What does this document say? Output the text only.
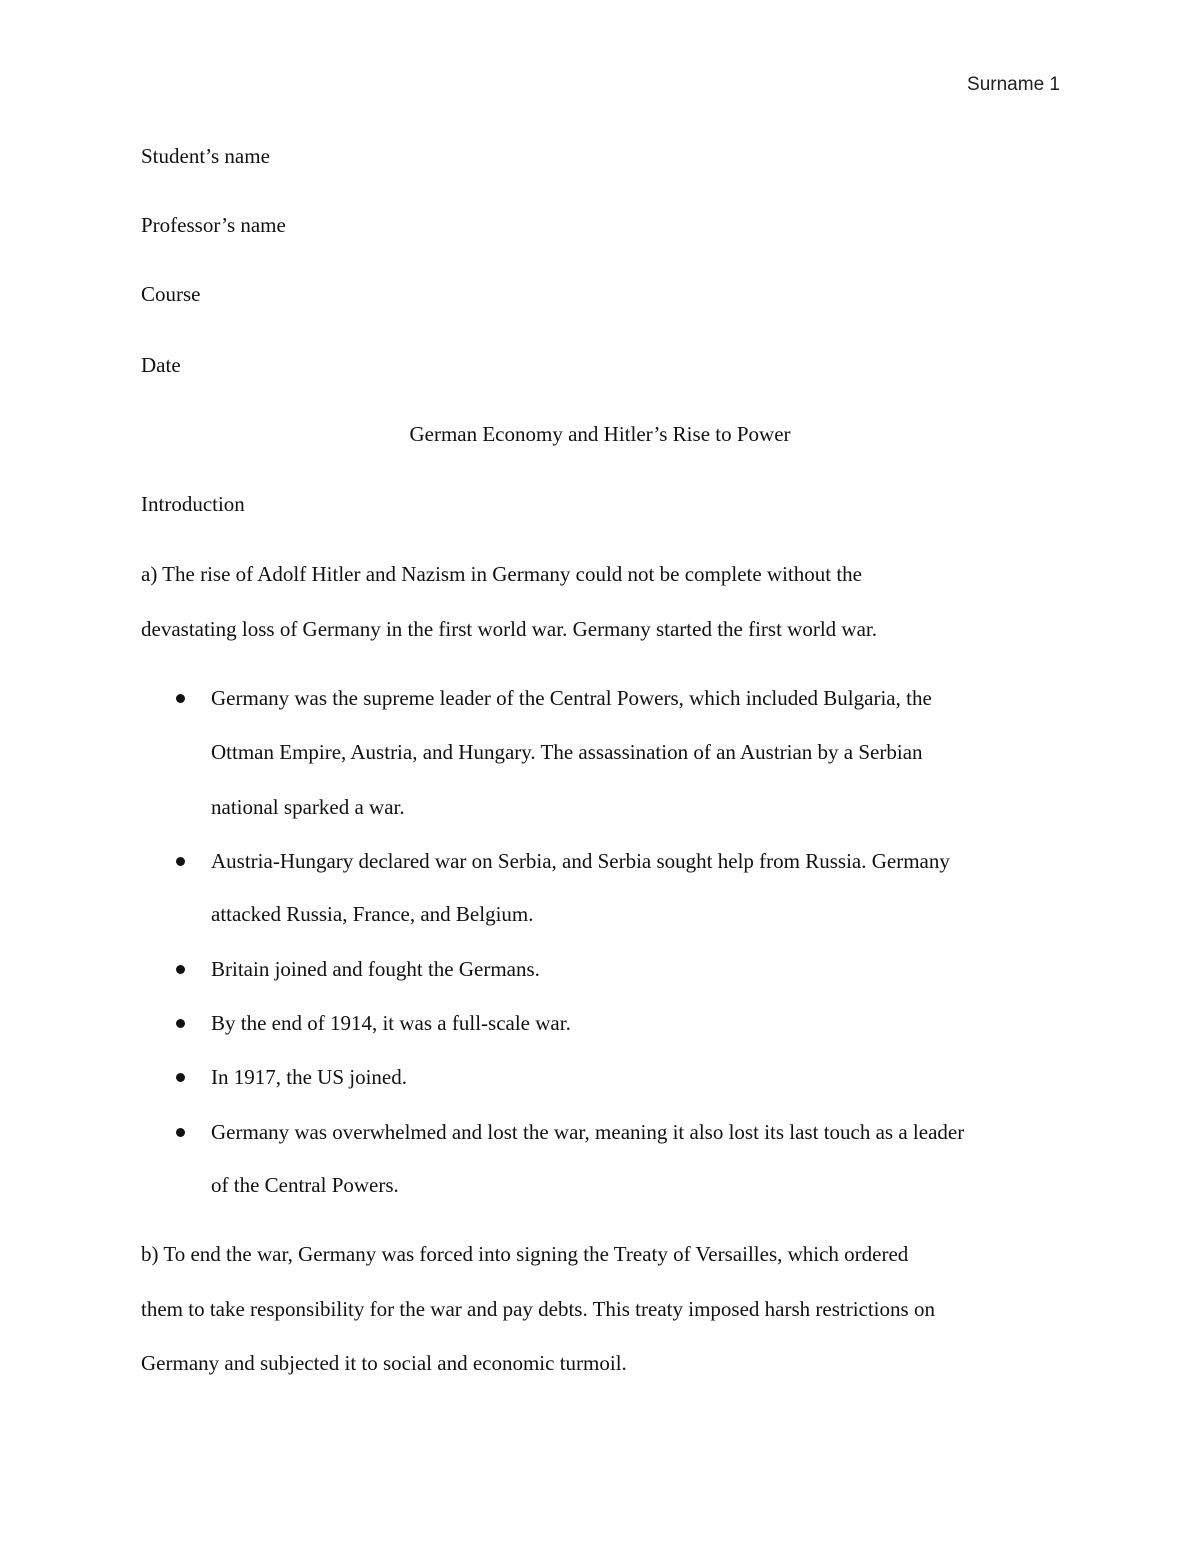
Surname 1
Student’s name
Professor’s name
Course
Date
German Economy and Hitler’s Rise to Power
Introduction
a) The rise of Adolf Hitler and Nazism in Germany could not be complete without the
devastating loss of Germany in the first world war. Germany started the first world war.
Germany was the supreme leader of the Central Powers, which included Bulgaria, the
Ottman Empire, Austria, and Hungary. The assassination of an Austrian by a Serbian
national sparked a war.
Austria-Hungary declared war on Serbia, and Serbia sought help from Russia. Germany
attacked Russia, France, and Belgium.
Britain joined and fought the Germans.
By the end of 1914, it was a full-scale war.
In 1917, the US joined.
Germany was overwhelmed and lost the war, meaning it also lost its last touch as a leader
of the Central Powers.
b) To end the war, Germany was forced into signing the Treaty of Versailles, which ordered
them to take responsibility for the war and pay debts. This treaty imposed harsh restrictions on
Germany and subjected it to social and economic turmoil.
